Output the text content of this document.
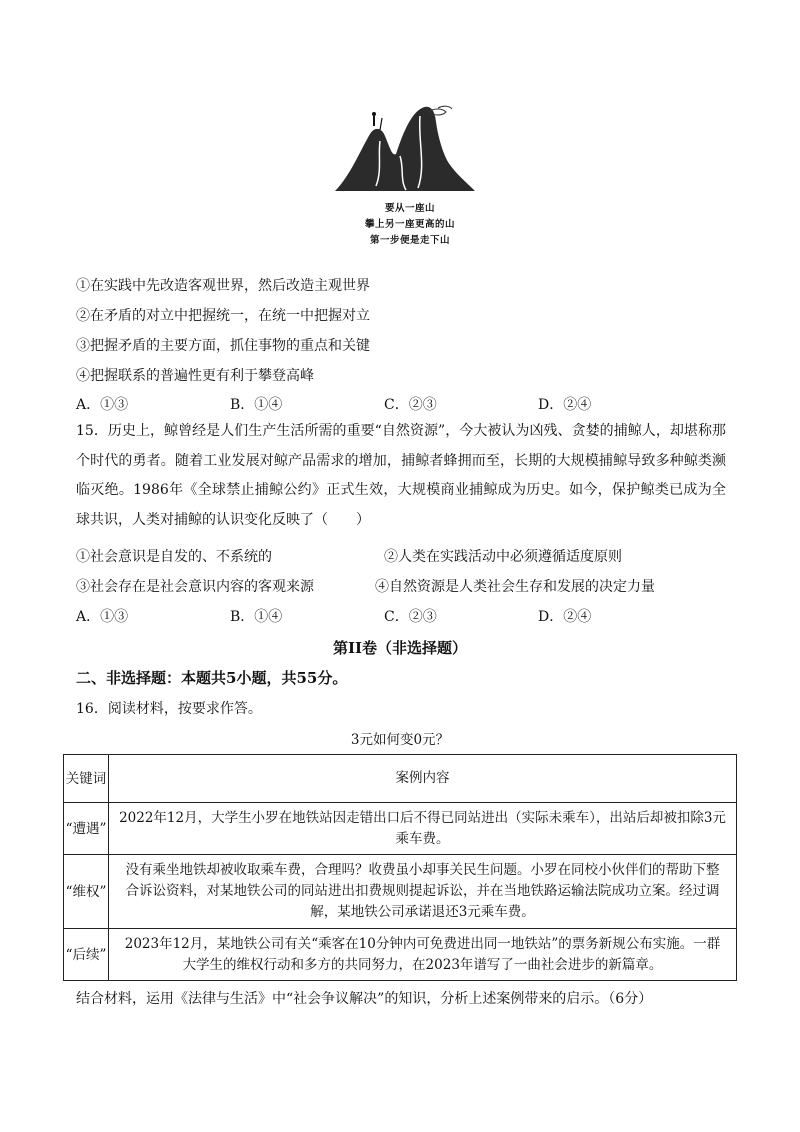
要从一座山
攀上另一座更高的山
第一步便是走下山
①在实践中先改造客观世界，然后改造主观世界
②在矛盾的对立中把握统一，在统一中把握对立
③把握矛盾的主要方面，抓住事物的重点和关键
④把握联系的普遍性更有利于攀登高峰
A．①③	B．①④	C．②③	D．②④
15．历史上，鲸曾经是人们生产生活所需的重要“自然资源”，今大被认为凶残、贪婪的捕鲸人，却堪称那个时代的勇者。随着工业发展对鲸产品需求的增加，捕鲸者蜂拥而至，长期的大规模捕鲸导致多种鲸类濒临灭绝。1986年《全球禁止捕鲸公约》正式生效，大规模商业捕鲸成为历史。如今，保护鲸类已成为全球共识，人类对捕鲸的认识变化反映了（　　）
①社会意识是自发的、不系统的	②人类在实践活动中必须遵循适度原则
③社会存在是社会意识内容的客观来源	④自然资源是人类社会生存和发展的决定力量
A．①③	B．①④	C．②③	D．②④
第II卷（非选择题）
二、非选择题：本题共5小题，共55分。
16．阅读材料，按要求作答。
3元如何变0元？
关键词	案例内容
“遭遇”	2022年12月，大学生小罗在地铁站因走错出口后不得已同站进出（实际未乘车），出站后却被扣除3元乘车费。
“维权”	没有乘坐地铁却被收取乘车费，合理吗？收费虽小却事关民生问题。小罗在同校小伙伴们的帮助下整合诉讼资料，对某地铁公司的同站进出扣费规则提起诉讼，并在当地铁路运输法院成功立案。经过调解，某地铁公司承诺退还3元乘车费。
“后续”	2023年12月，某地铁公司有关“乘客在10分钟内可免费进出同一地铁站”的票务新规公布实施。一群大学生的维权行动和多方的共同努力，在2023年谱写了一曲社会进步的新篇章。
结合材料，运用《法律与生活》中“社会争议解决”的知识，分析上述案例带来的启示。（6分）
